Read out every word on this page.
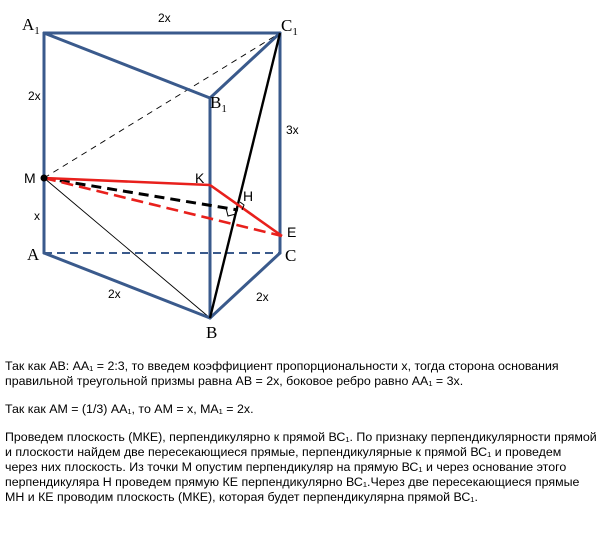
$A_1$	$C_1$
$B_1$
A
B
C
M	K
H
E
2x
2x
x
3x
2x	2x

Так как АВ: АА₁ = 2:3, то введем коэффициент пропорциональности х, тогда сторона основания правильной треугольной призмы равна АВ = 2х, боковое ребро равно АА₁ = 3х.

Так как АМ = (1/3) АА₁, то АМ = х, МА₁ = 2х.

Проведем плоскость (МКЕ), перпендикулярно к прямой ВС₁. По признаку перпендикулярности прямой и плоскости найдем две пересекающиеся прямые, перпендикулярные к прямой ВС₁ и проведем через них плоскость. Из точки М опустим перпендикуляр на прямую ВС₁ и через основание этого перпендикуляра Н проведем прямую КЕ перпендикулярно ВС₁.Через две пересекающиеся прямые МН и КЕ проводим плоскость (МКЕ), которая будет перпендикулярна прямой ВС₁.
